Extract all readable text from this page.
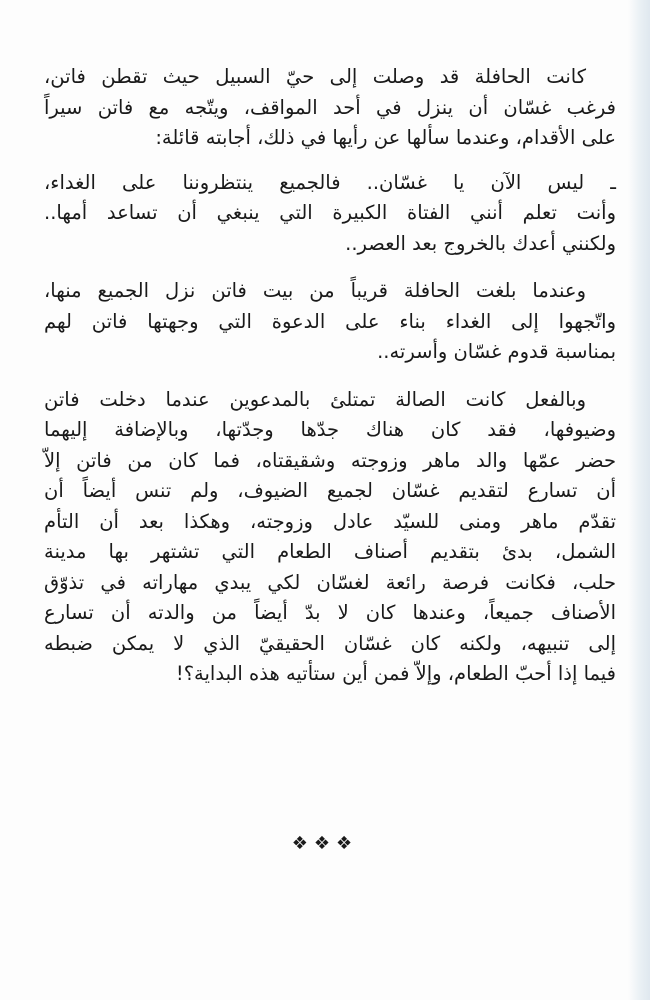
كانت الحافلة قد وصلت إلى حيّ السبيل حيث تقطن فاتن،
فرغب غسّان أن ينزل في أحد المواقف، ويتّجه مع فاتن سيراً
على الأقدام، وعندما سألها عن رأيها في ذلك، أجابته قائلة:
ـ ليس الآن يا غسّان.. فالجميع ينتظروننا على الغداء،
وأنت تعلم أنني الفتاة الكبيرة التي ينبغي أن تساعد أمها..
ولكنني أعدك بالخروج بعد العصر..
وعندما بلغت الحافلة قريباً من بيت فاتن نزل الجميع منها،
واتّجهوا إلى الغداء بناء على الدعوة التي وجهتها فاتن لهم
بمناسبة قدوم غسّان وأسرته..
وبالفعل كانت الصالة تمتلئ بالمدعوين عندما دخلت فاتن
وضيوفها، فقد كان هناك جدّها وجدّتها، وبالإضافة إليهما
حضر عمّها والد ماهر وزوجته وشقيقتاه، فما كان من فاتن إلاّ
أن تسارع لتقديم غسّان لجميع الضيوف، ولم تنس أيضاً أن
تقدّم ماهر ومنى للسيّد عادل وزوجته، وهكذا بعد أن التأم
الشمل، بدئ بتقديم أصناف الطعام التي تشتهر بها مدينة
حلب، فكانت فرصة رائعة لغسّان لكي يبدي مهاراته في تذوّق
الأصناف جميعاً، وعندها كان لا بدّ أيضاً من والدته أن تسارع
إلى تنبيهه، ولكنه كان غسّان الحقيقيّ الذي لا يمكن ضبطه
فيما إذا أحبّ الطعام، وإلاّ فمن أين ستأتيه هذه البداية؟!
❖❖❖
